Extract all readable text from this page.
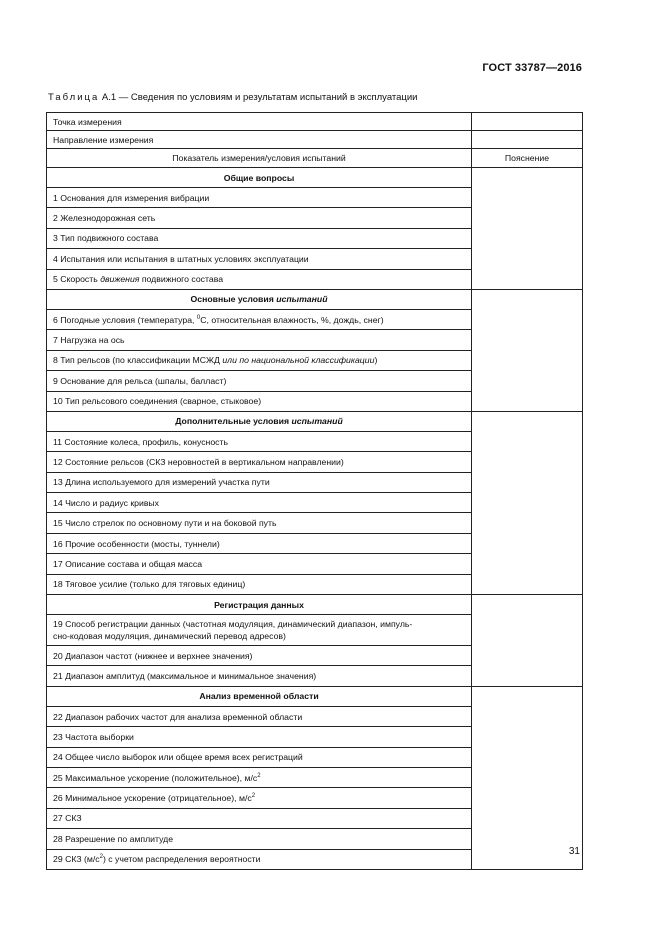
ГОСТ 33787—2016
Таблица А.1 — Сведения по условиям и результатам испытаний в эксплуатации
Точка измерения	
Направление измерения	
Показатель измерения/условия испытаний	Пояснение
Общие вопросы	
1 Основания для измерения вибрации	
2 Железнодорожная сеть	
3 Тип подвижного состава	
4 Испытания или испытания в штатных условиях эксплуатации	
5 Скорость движения подвижного состава	
Основные условия испытаний	
6 Погодные условия (температура, $^0$С, относительная влажность, %, дождь, снег)	
7 Нагрузка на ось	
8 Тип рельсов (по классификации МСЖД или по национальной классификации)	
9 Основание для рельса (шпалы, балласт)	
10 Тип рельсового соединения (сварное, стыковое)	
Дополнительные условия испытаний	
11 Состояние колеса, профиль, конусность	
12 Состояние рельсов (СКЗ неровностей в вертикальном направлении)	
13 Длина используемого для измерений участка пути	
14 Число и радиус кривых	
15 Число стрелок по основному пути и на боковой путь	
16 Прочие особенности (мосты, туннели)	
17 Описание состава и общая масса	
18 Тяговое усилие (только для тяговых единиц)	
Регистрация данных	
19 Способ регистрации данных (частотная модуляция, динамический диапазон, импуль-
сно-кодовая модуляция, динамический перевод адресов)	
20 Диапазон частот (нижнее и верхнее значения)	
21 Диапазон амплитуд (максимальное и минимальное значения)	
Анализ временной области	
22 Диапазон рабочих частот для анализа временной области	
23 Частота выборки	
24 Общее число выборок или общее время всех регистраций	
25 Максимальное ускорение (положительное), $м/с^2$
26 Минимальное ускорение (отрицательное), $м/с^2$
27 СКЗ	
28 Разрешение по амплитуде	
29 СКЗ $(м/с^2)$ с учетом распределения вероятности	
31
